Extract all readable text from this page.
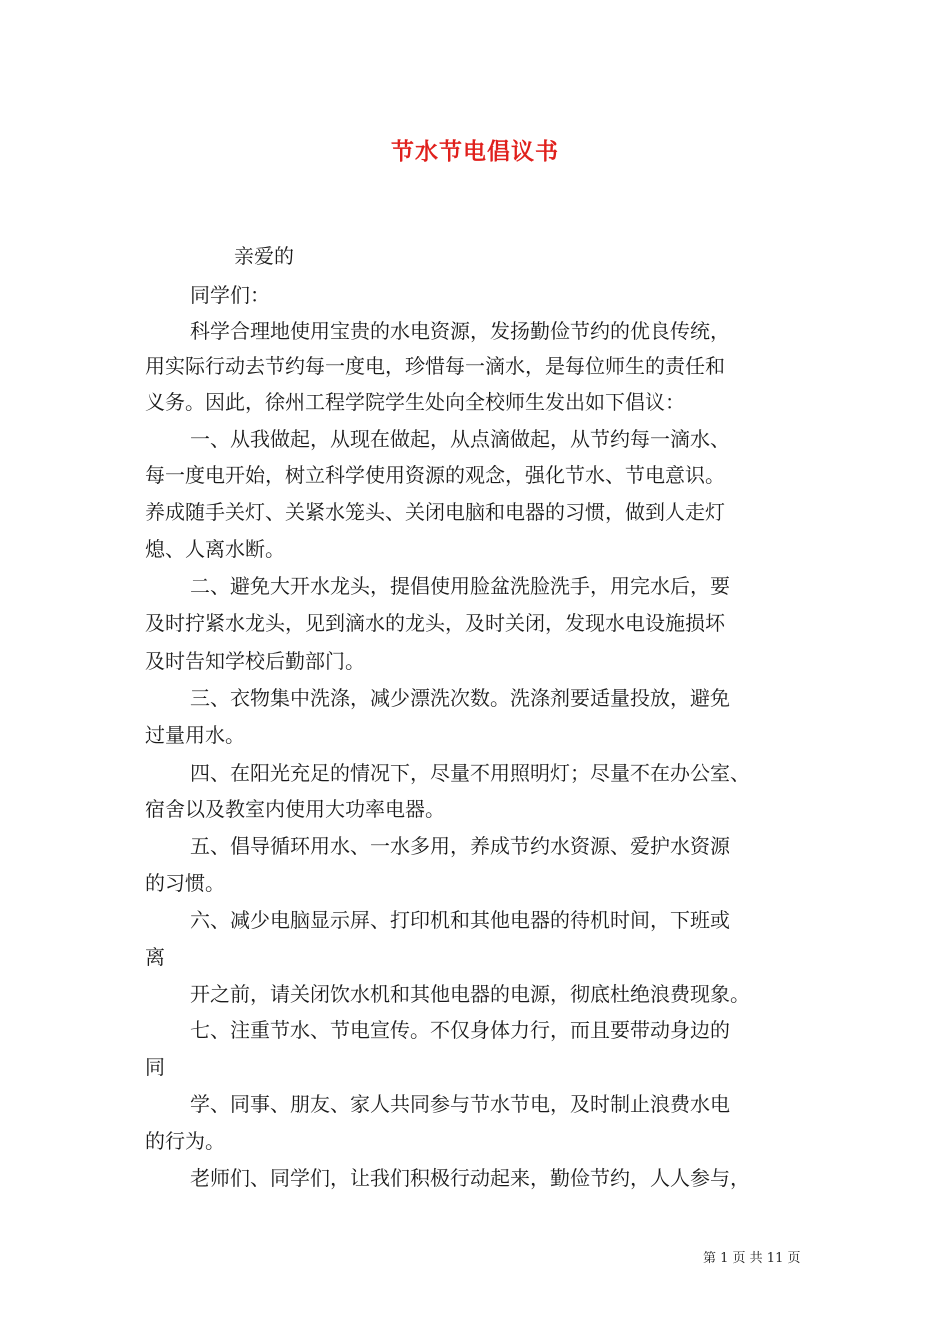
节水节电倡议书
亲爱的
同学们：
科学合理地使用宝贵的水电资源，发扬勤俭节约的优良传统，
用实际行动去节约每一度电，珍惜每一滴水，是每位师生的责任和
义务。因此，徐州工程学院学生处向全校师生发出如下倡议：
一、从我做起，从现在做起，从点滴做起，从节约每一滴水、
每一度电开始，树立科学使用资源的观念，强化节水、节电意识。
养成随手关灯、关紧水笼头、关闭电脑和电器的习惯，做到人走灯
熄、人离水断。
二、避免大开水龙头，提倡使用脸盆洗脸洗手，用完水后，要
及时拧紧水龙头，见到滴水的龙头，及时关闭，发现水电设施损坏
及时告知学校后勤部门。
三、衣物集中洗涤，减少漂洗次数。洗涤剂要适量投放，避免
过量用水。
四、在阳光充足的情况下，尽量不用照明灯；尽量不在办公室、
宿舍以及教室内使用大功率电器。
五、倡导循环用水、一水多用，养成节约水资源、爱护水资源
的习惯。
六、减少电脑显示屏、打印机和其他电器的待机时间，下班或
离
开之前，请关闭饮水机和其他电器的电源，彻底杜绝浪费现象。
七、注重节水、节电宣传。不仅身体力行，而且要带动身边的
同
学、同事、朋友、家人共同参与节水节电，及时制止浪费水电
的行为。
老师们、同学们，让我们积极行动起来，勤俭节约，人人参与，
第 1 页 共 11 页
